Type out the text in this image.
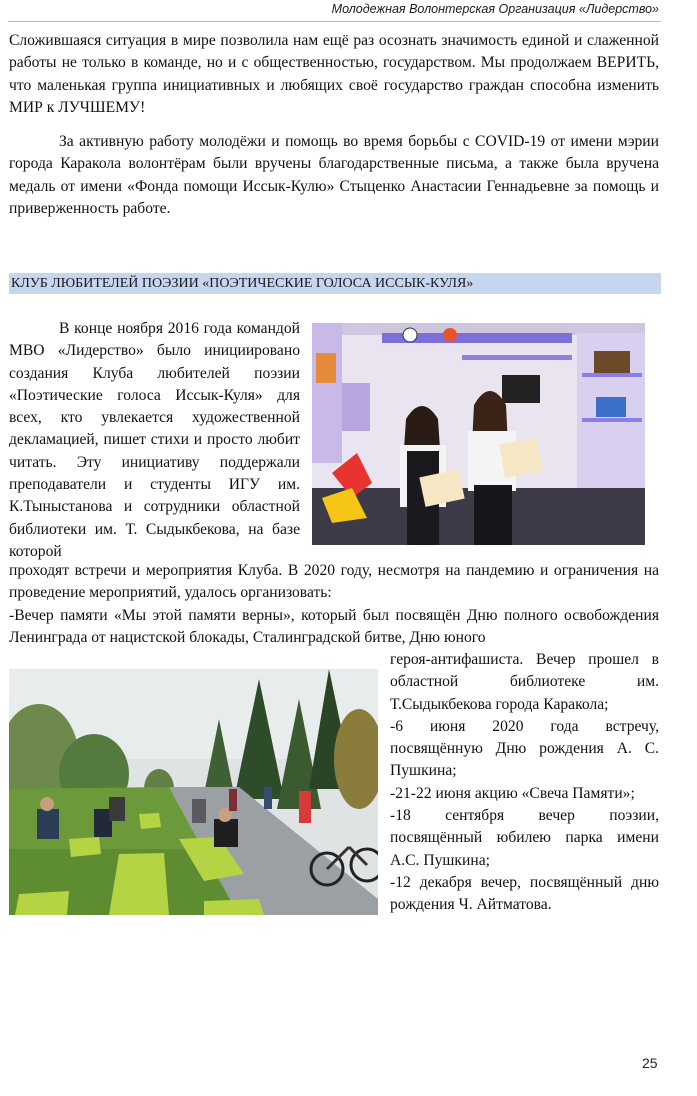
Молодежная Волонтерская Организация «Лидерство»

Сложившаяся ситуация в мире позволила нам ещё раз осознать значимость единой и слаженной работы не только в команде, но и с общественностью, государством. Мы продолжаем ВЕРИТЬ, что маленькая группа инициативных и любящих своё государство граждан способна изменить МИР к ЛУЧШЕМУ!

За активную работу молодёжи и помощь во время борьбы с COVID-19 от имени мэрии города Каракола волонтёрам были вручены благодарственные письма, а также была вручена медаль от имени «Фонда помощи Иссык-Кулю» Стыценко Анастасии Геннадьевне за помощь и приверженность работе.

КЛУБ ЛЮБИТЕЛЕЙ ПОЭЗИИ «ПОЭТИЧЕСКИЕ ГОЛОСА ИССЫК-КУЛЯ»

В конце ноября 2016 года командой МВО «Лидерство» было инициировано создания Клуба любителей поэзии «Поэтические голоса Иссык-Куля» для всех, кто увлекается художественной декламацией, пишет стихи и просто любит читать. Эту инициативу поддержали преподаватели и студенты ИГУ им. К.Тыныстанова и сотрудники областной библиотеки им. Т. Сыдыкбекова, на базе которой

проходят встречи и мероприятия Клуба. В 2020 году, несмотря на пандемию и ограничения на проведение мероприятий, удалось организовать:
-Вечер памяти «Мы этой памяти верны», который был посвящён Дню полного освобождения Ленинграда от нацистской блокады, Сталинградской битве, Дню юного

героя-антифашиста. Вечер прошел в областной библиотеке им. Т.Сыдыкбекова города Каракола;

-6 июня 2020 года встречу, посвящённую Дню рождения А. С. Пушкина;

-21-22 июня акцию «Свеча Памяти»;

-18 сентября вечер поэзии, посвящённый юбилею парка имени А.С. Пушкина;

-12 декабря вечер, посвящённый дню рождения Ч. Айтматова.

25
